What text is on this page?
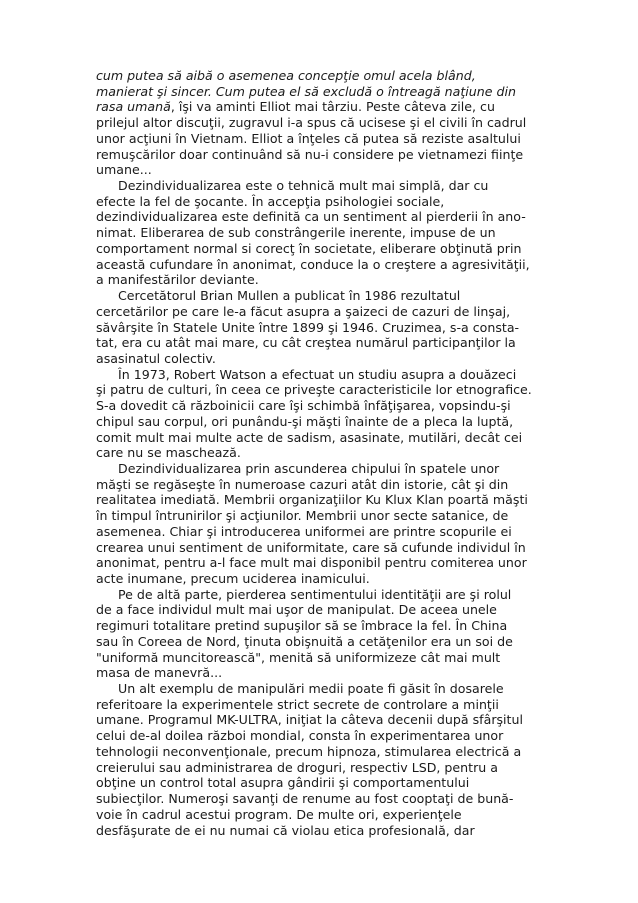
cum putea să aibă o asemenea concepţie omul acela blând,
manierat şi sincer. Cum putea el să excludă o întreagă naţiune din
rasa umană, îşi va aminti Elliot mai târziu. Peste câteva zile, cu
prilejul altor discuţii, zugravul i-a spus că ucisese şi el civili în cadrul
unor acţiuni în Vietnam. Elliot a înţeles că putea să reziste asaltului
remuşcărilor doar continuând să nu-i considere pe vietnamezi fiinţe
umane...
Dezindividualizarea este o tehnică mult mai simplă, dar cu
efecte la fel de şocante. În accepţia psihologiei sociale,
dezindividualizarea este definită ca un sentiment al pierderii în ano-
nimat. Eliberarea de sub constrângerile inerente, impuse de un
comportament normal si corecţ în societate, eliberare obţinută prin
această cufundare în anonimat, conduce la o creştere a agresivităţii,
a manifestărilor deviante.
Cercetătorul Brian Mullen a publicat în 1986 rezultatul
cercetărilor pe care le-a făcut asupra a şaizeci de cazuri de linşaj,
săvârşite în Statele Unite între 1899 şi 1946. Cruzimea, s-a consta-
tat, era cu atât mai mare, cu cât creştea numărul participanţilor la
asasinatul colectiv.
În 1973, Robert Watson a efectuat un studiu asupra a douăzeci
şi patru de culturi, în ceea ce priveşte caracteristicile lor etnografice.
S-a dovedit că războinicii care îşi schimbă înfăţişarea, vopsindu-şi
chipul sau corpul, ori punându-şi măşti înainte de a pleca la luptă,
comit mult mai multe acte de sadism, asasinate, mutilări, decât cei
care nu se maschează.
Dezindividualizarea prin ascunderea chipului în spatele unor
măşti se regăseşte în numeroase cazuri atât din istorie, cât şi din
realitatea imediată. Membrii organizaţiilor Ku Klux Klan poartă măşti
în timpul întrunirilor şi acţiunilor. Membrii unor secte satanice, de
asemenea. Chiar şi introducerea uniformei are printre scopurile ei
crearea unui sentiment de uniformitate, care să cufunde individul în
anonimat, pentru a-l face mult mai disponibil pentru comiterea unor
acte inumane, precum uciderea inamicului.
Pe de altă parte, pierderea sentimentului identităţii are şi rolul
de a face individul mult mai uşor de manipulat. De aceea unele
regimuri totalitare pretind supuşilor să se îmbrace la fel. În China
sau în Coreea de Nord, ţinuta obişnuită a cetăţenilor era un soi de
"uniformă muncitorească", menită să uniformizeze cât mai mult
masa de manevră...
Un alt exemplu de manipulări medii poate fi găsit în dosarele
referitoare la experimentele strict secrete de controlare a minţii
umane. Programul MK-ULTRA, iniţiat la câteva decenii după sfârşitul
celui de-al doilea război mondial, consta în experimentarea unor
tehnologii neconvenţionale, precum hipnoza, stimularea electrică a
creierului sau administrarea de droguri, respectiv LSD, pentru a
obţine un control total asupra gândirii şi comportamentului
subiecţilor. Numeroşi savanţi de renume au fost cooptaţi de bună-
voie în cadrul acestui program. De multe ori, experienţele
desfăşurate de ei nu numai că violau etica profesională, dar
